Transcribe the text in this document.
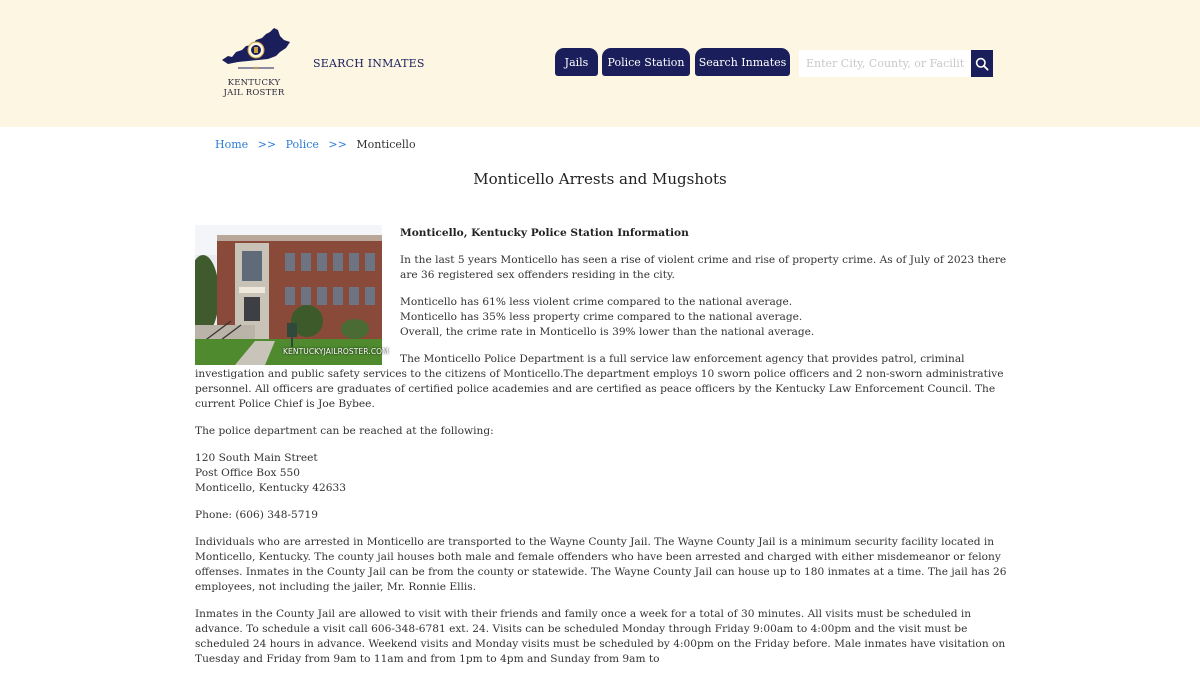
KENTUCKY
JAIL ROSTER
SEARCH INMATES	Jails	Police Station	Search Inmates
Enter City, County, or Facility
Home >> Police >> Monticello
Monticello Arrests and Mugshots
KENTUCKYJAILROSTER.COM

Monticello, Kentucky Police Station Information

In the last 5 years Monticello has seen a rise of violent crime and rise of property crime. As of July of 2023 there are 36 registered sex offenders residing in the city.

Monticello has 61% less violent crime compared to the national average.
Monticello has 35% less property crime compared to the national average.
Overall, the crime rate in Monticello is 39% lower than the national average.

The Monticello Police Department is a full service law enforcement agency that provides patrol, criminal investigation and public safety services to the citizens of Monticello.The department employs 10 sworn police officers and 2 non-sworn administrative personnel. All officers are graduates of certified police academies and are certified as peace officers by the Kentucky Law Enforcement Council. The current Police Chief is Joe Bybee.

The police department can be reached at the following:

120 South Main Street
Post Office Box 550
Monticello, Kentucky 42633

Phone: (606) 348-5719

Individuals who are arrested in Monticello are transported to the Wayne County Jail. The Wayne County Jail is a minimum security facility located in Monticello, Kentucky. The county jail houses both male and female offenders who have been arrested and charged with either misdemeanor or felony offenses. Inmates in the County Jail can be from the county or statewide. The Wayne County Jail can house up to 180 inmates at a time. The jail has 26 employees, not including the jailer, Mr. Ronnie Ellis.

Inmates in the County Jail are allowed to visit with their friends and family once a week for a total of 30 minutes. All visits must be scheduled in advance. To schedule a visit call 606-348-6781 ext. 24. Visits can be scheduled Monday through Friday 9:00am to 4:00pm and the visit must be scheduled 24 hours in advance. Weekend visits and Monday visits must be scheduled by 4:00pm on the Friday before. Male inmates have visitation on Tuesday and Friday from 9am to 11am and from 1pm to 4pm and Sunday from 9am to
